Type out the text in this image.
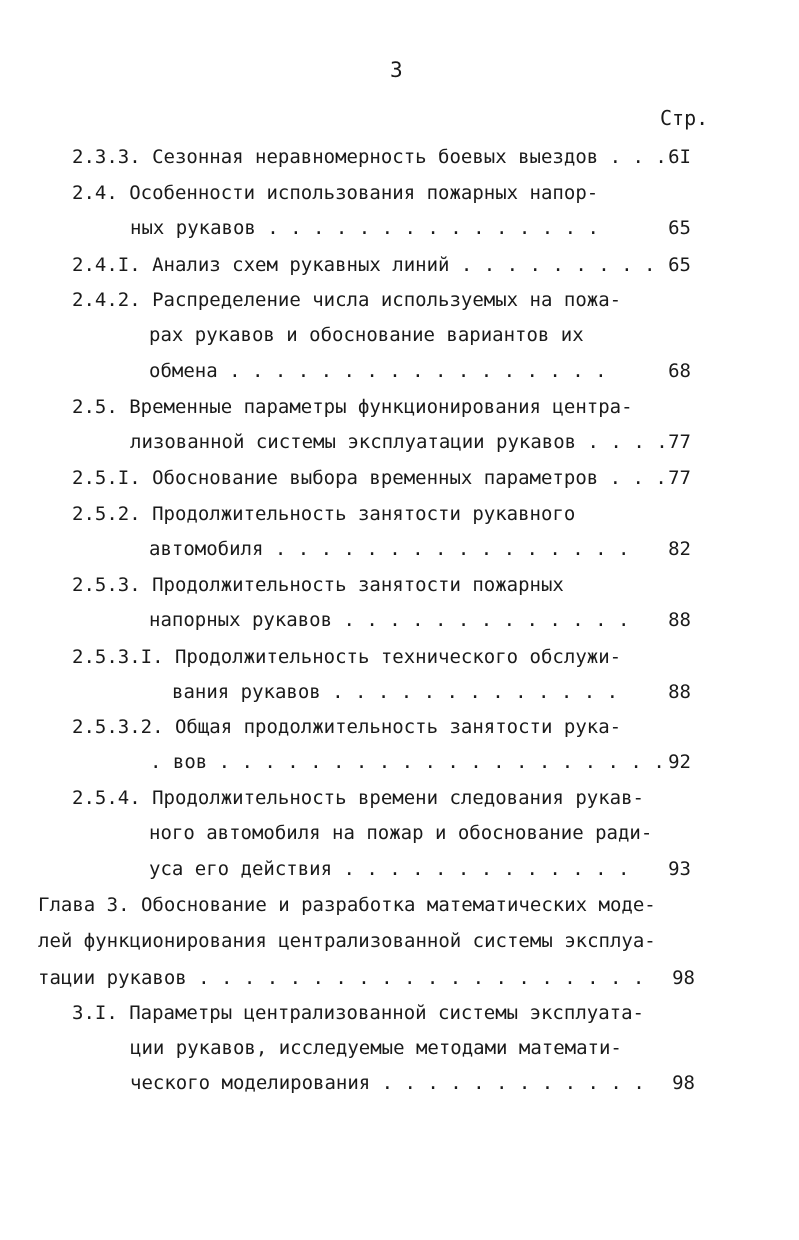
3
Стр.
2.3.3. Сезонная неравномерность боевых выездов . . . 6I
2.4. Особенности использования пожарных напор-
ных рукавов . . . . . . . . . . . . . . .	65
2.4.I. Анализ схем рукавных линий . . . . . . . . . 65
2.4.2. Распределение числа используемых на пожа-
рах рукавов и обоснование вариантов их
обмена . . . . . . . . . . . . . . . . .	68
2.5. Временные параметры функционирования центра-
лизованной системы эксплуатации рукавов . . . . 77
2.5.I. Обоснование выбора временных параметров . . . 77
2.5.2. Продолжительность занятости рукавного
автомобиля . . . . . . . . . . . . . . . .	82
2.5.3. Продолжительность занятости пожарных
напорных рукавов . . . . . . . . . . . . .	88
2.5.3.I. Продолжительность технического обслужи-
вания рукавов . . . . . . . . . . . . .	88
2.5.3.2. Общая продолжительность занятости рука-
. вов . . . . . . . . . . . . . . . . . . . . 92
2.5.4. Продолжительность времени следования рукав-
ного автомобиля на пожар и обоснование ради-
уса его действия . . . . . . . . . . . . .	93
Глава 3. Обоснование и разработка математических моде-
лей функционирования централизованной системы эксплуа-
тации рукавов . . . . . . . . . . . . . . . . . . . .	98
3.I. Параметры централизованной системы эксплуата-
ции рукавов, исследуемые методами математи-
ческого моделирования . . . . . . . . . . . .	98
